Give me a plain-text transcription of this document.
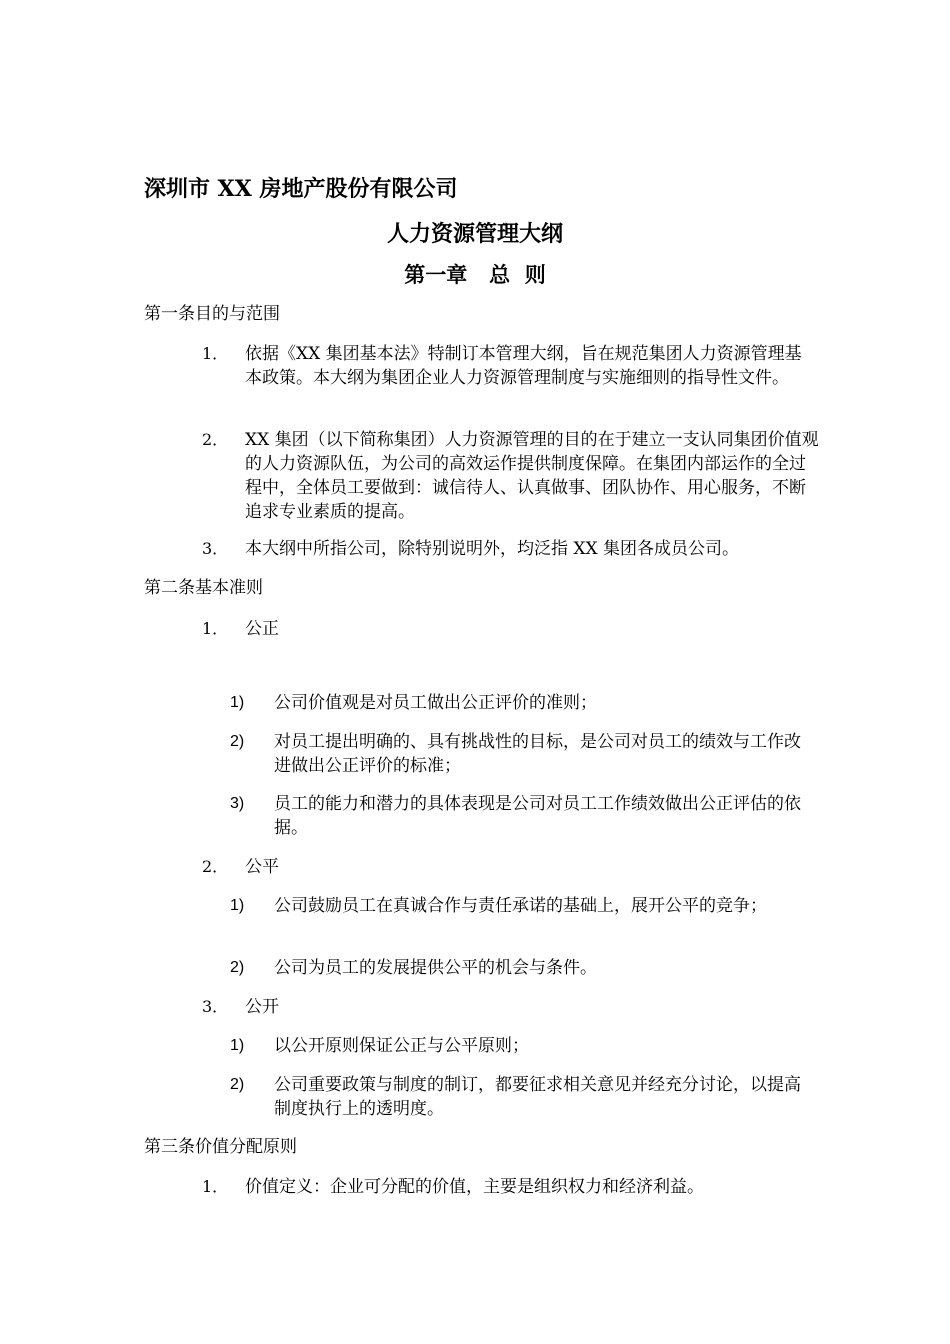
深圳市 XX 房地产股份有限公司
人力资源管理大纲
第一章   总  则
第一条目的与范围
1． 依据《XX 集团基本法》特制订本管理大纲，旨在规范集团人力资源管理基本政策。本大纲为集团企业人力资源管理制度与实施细则的指导性文件。
2． XX 集团（以下简称集团）人力资源管理的目的在于建立一支认同集团价值观的人力资源队伍，为公司的高效运作提供制度保障。在集团内部运作的全过程中，全体员工要做到：诚信待人、认真做事、团队协作、用心服务，不断追求专业素质的提高。
3． 本大纲中所指公司，除特别说明外，均泛指 XX 集团各成员公司。
第二条基本准则
1． 公正
1) 公司价值观是对员工做出公正评价的准则；
2) 对员工提出明确的、具有挑战性的目标，是公司对员工的绩效与工作改进做出公正评价的标准；
3) 员工的能力和潜力的具体表现是公司对员工工作绩效做出公正评估的依据。
2． 公平
1) 公司鼓励员工在真诚合作与责任承诺的基础上，展开公平的竞争；
2) 公司为员工的发展提供公平的机会与条件。
3． 公开
1) 以公开原则保证公正与公平原则；
2) 公司重要政策与制度的制订，都要征求相关意见并经充分讨论，以提高制度执行上的透明度。
第三条价值分配原则
1． 价值定义：企业可分配的价值，主要是组织权力和经济利益。
